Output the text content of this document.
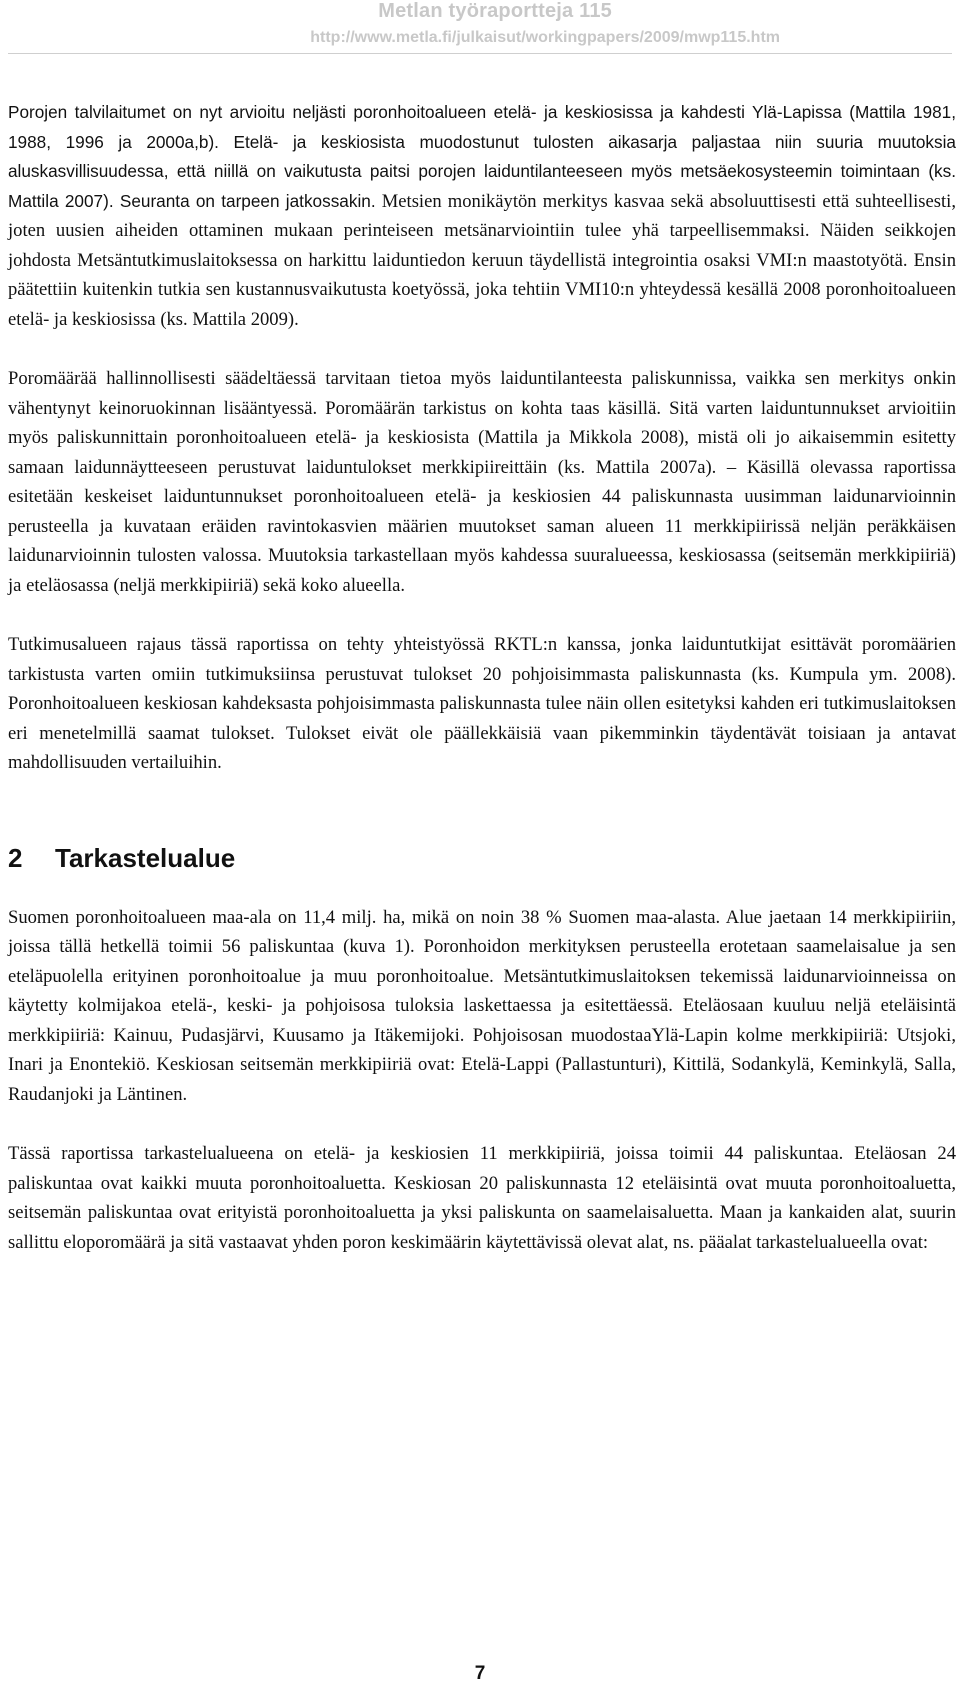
Metlan työraportteja 115
http://www.metla.fi/julkaisut/workingpapers/2009/mwp115.htm

Porojen talvilaitumet on nyt arvioitu neljästi poronhoitoalueen etelä- ja keskiosissa ja kahdesti Ylä-Lapissa (Mattila 1981, 1988, 1996 ja 2000a,b). Etelä- ja keskiosista muodostunut tulosten aikasarja paljastaa niin suuria muutoksia aluskasvillisuudessa, että niillä on vaikutusta paitsi porojen laiduntilanteeseen myös metsäekosysteemin toimintaan (ks. Mattila 2007). Seuranta on tarpeen jatkossakin. Metsien monikäytön merkitys kasvaa sekä absoluuttisesti että suhteellisesti, joten uusien aiheiden ottaminen mukaan perinteiseen metsänarviointiin tulee yhä tarpeellisemmaksi. Näiden seikkojen johdosta Metsäntutkimuslaitoksessa on harkittu laiduntiedon keruun täydellistä integrointia osaksi VMI:n maastotyötä. Ensin päätettiin kuitenkin tutkia sen kustannusvaikutusta koetyössä, joka tehtiin VMI10:n yhteydessä kesällä 2008 poronhoitoalueen etelä- ja keskiosissa (ks. Mattila 2009).

Poromäärää hallinnollisesti säädeltäessä tarvitaan tietoa myös laiduntilanteesta paliskunnissa, vaikka sen merkitys onkin vähentynyt keinoruokinnan lisääntyessä. Poromäärän tarkistus on kohta taas käsillä. Sitä varten laiduntunnukset arvioitiin myös paliskunnittain poronhoitoalueen etelä- ja keskiosista (Mattila ja Mikkola 2008), mistä oli jo aikaisemmin esitetty samaan laidunnäytteeseen perustuvat laiduntulokset merkkipiireittäin (ks. Mattila 2007a). – Käsillä olevassa raportissa esitetään keskeiset laiduntunnukset poronhoitoalueen etelä- ja keskiosien 44 paliskunnasta uusimman laidunarvioinnin perusteella ja kuvataan eräiden ravintokasvien määrien muutokset saman alueen 11 merkkipiirissä neljän peräkkäisen laidunarvioinnin tulosten valossa. Muutoksia tarkastellaan myös kahdessa suuralueessa, keskiosassa (seitsemän merkkipiiriä) ja eteläosassa (neljä merkkipiiriä) sekä koko alueella.

Tutkimusalueen rajaus tässä raportissa on tehty yhteistyössä RKTL:n kanssa, jonka laiduntutkijat esittävät poromäärien tarkistusta varten omiin tutkimuksiinsa perustuvat tulokset 20 pohjoisimmasta paliskunnasta (ks. Kumpula ym. 2008). Poronhoitoalueen keskiosan kahdeksasta pohjoisimmasta paliskunnasta tulee näin ollen esitetyksi kahden eri tutkimuslaitoksen eri menetelmillä saamat tulokset. Tulokset eivät ole päällekkäisiä vaan pikemminkin täydentävät toisiaan ja antavat mahdollisuuden vertailuihin.

2 Tarkastelualue

Suomen poronhoitoalueen maa-ala on 11,4 milj. ha, mikä on noin 38 % Suomen maa-alasta. Alue jaetaan 14 merkkipiiriin, joissa tällä hetkellä toimii 56 paliskuntaa (kuva 1). Poronhoidon merkityksen perusteella erotetaan saamelaisalue ja sen eteläpuolella erityinen poronhoitoalue ja muu poronhoitoalue. Metsäntutkimuslaitoksen tekemissä laidunarvioinneissa on käytetty kolmijakoa etelä-, keski- ja pohjoisosa tuloksia laskettaessa ja esitettäessä. Eteläosaan kuuluu neljä eteläisintä merkkipiiriä: Kainuu, Pudasjärvi, Kuusamo ja Itäkemijoki. Pohjoisosan muodostaaYlä-Lapin kolme merkkipiiriä: Utsjoki, Inari ja Enontekiö. Keskiosan seitsemän merkkipiiriä ovat: Etelä-Lappi (Pallastunturi), Kittilä, Sodankylä, Keminkylä, Salla, Raudanjoki ja Läntinen.

Tässä raportissa tarkastelualueena on etelä- ja keskiosien 11 merkkipiiriä, joissa toimii 44 paliskuntaa. Eteläosan 24 paliskuntaa ovat kaikki muuta poronhoitoaluetta. Keskiosan 20 paliskunnasta 12 eteläisintä ovat muuta poronhoitoaluetta, seitsemän paliskuntaa ovat erityistä poronhoitoaluetta ja yksi paliskunta on saamelaisaluetta. Maan ja kankaiden alat, suurin sallittu eloporomäärä ja sitä vastaavat yhden poron keskimäärin käytettävissä olevat alat, ns. pääalat tarkastelualueella ovat:

7
